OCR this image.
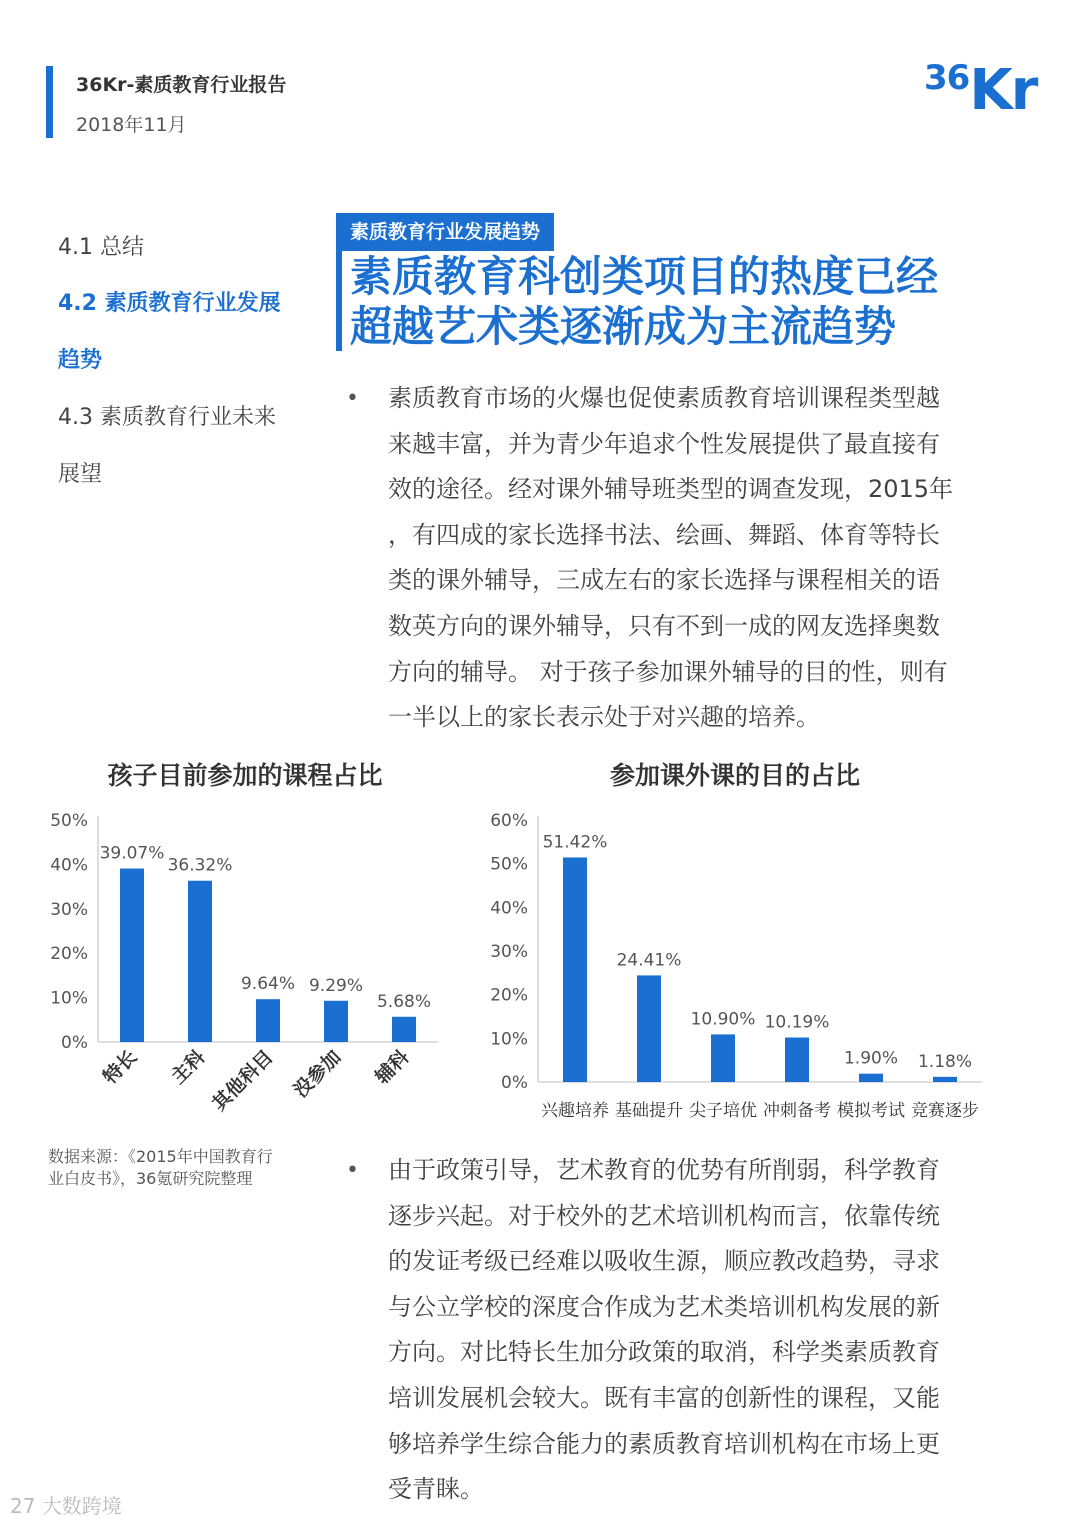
36Kr-素质教育行业报告
2018年11月
36Kr
4.1 总结
4.2 素质教育行业发展
趋势
4.3 素质教育行业未来
展望
素质教育行业发展趋势
素质教育科创类项目的热度已经
超越艺术类逐渐成为主流趋势
• 素质教育市场的火爆也促使素质教育培训课程类型越
来越丰富，并为青少年追求个性发展提供了最直接有
效的途径。经对课外辅导班类型的调查发现，2015年
，有四成的家长选择书法、绘画、舞蹈、体育等特长
类的课外辅导，三成左右的家长选择与课程相关的语
数英方向的课外辅导，只有不到一成的网友选择奥数
方向的辅导。 对于孩子参加课外辅导的目的性，则有
一半以上的家长表示处于对兴趣的培养。
孩子目前参加的课程占比	参加课外课的目的占比
0%
10%
20%
30%
40%
50%
39.07%
特长
36.32%
主科
9.64%
其他科目
9.29%
没参加
5.68%
辅科	0%
10%
20%
30%
40%
50%
60%
51.42%
兴趣培养
24.41%
基础提升
10.90%
尖子培优
10.19%
冲刺备考
1.90%
模拟考试
1.18%
竞赛逐步
数据来源：《2015年中国教育行
业白皮书》，36氪研究院整理	• 由于政策引导，艺术教育的优势有所削弱，科学教育
逐步兴起。对于校外的艺术培训机构而言，依靠传统
的发证考级已经难以吸收生源，顺应教改趋势，寻求
与公立学校的深度合作成为艺术类培训机构发展的新
方向。对比特长生加分政策的取消，科学类素质教育
培训发展机会较大。既有丰富的创新性的课程，又能
够培养学生综合能力的素质教育培训机构在市场上更
受青睐。
27 大数跨境
